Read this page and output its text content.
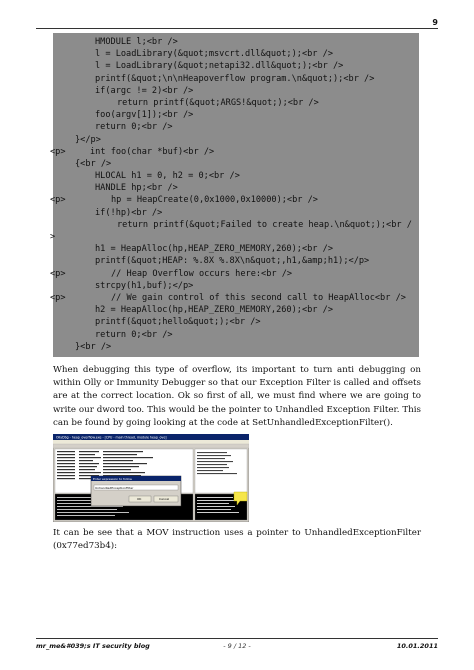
9
HMODULE l;<br />
l = LoadLibrary(&quot;msvcrt.dll&quot;);<br />
l = LoadLibrary(&quot;netapi32.dll&quot;);<br />
printf(&quot;\n\nHeapoverflow program.\n&quot;);<br />
if(argc != 2)<br />
return printf(&quot;ARGS!&quot;);<br />
foo(argv[1]);<br />
return 0;<br />
}</p>
<p>	int foo(char *buf)<br />
{<br />
HLOCAL h1 = 0, h2 = 0;<br />
HANDLE hp;<br />
<p>	hp = HeapCreate(0,0x1000,0x10000);<br />
if(!hp)<br />
return printf(&quot;Failed to create heap.\n&quot;);<br /
>
h1 = HeapAlloc(hp,HEAP_ZERO_MEMORY,260);<br />
printf(&quot;HEAP: %.8X %.8X\n&quot;,h1,&amp;h1);</p>
<p>	// Heap Overflow occurs here:<br />
strcpy(h1,buf);</p>
<p>	// We gain control of this second call to HeapAlloc<br />
h2 = HeapAlloc(hp,HEAP_ZERO_MEMORY,260);<br />
printf(&quot;hello&quot;);<br />
return 0;<br />
}<br />
When debugging this type of overflow, its important to turn anti debugging on within Olly or Immunity Debugger so that our Exception Filter is called and offsets are at the correct location. Ok so first of all, we must find where we are going to write our dword too. This would be the pointer to Unhandled Exception Filter. This can be found by going looking at the code at SetUnhandledExceptionFilter().
OllyDbg - heap_overflow.exe - [CPU - main thread, module heap_ove]
Enter expression to follow
UnhandledExceptionFilter
OK	Cancel
It can be see that a MOV instruction uses a pointer to UnhandledExceptionFilter (0x77ed73b4):
mr_me&#039;s IT security blog	- 9 / 12 -	10.01.2011
